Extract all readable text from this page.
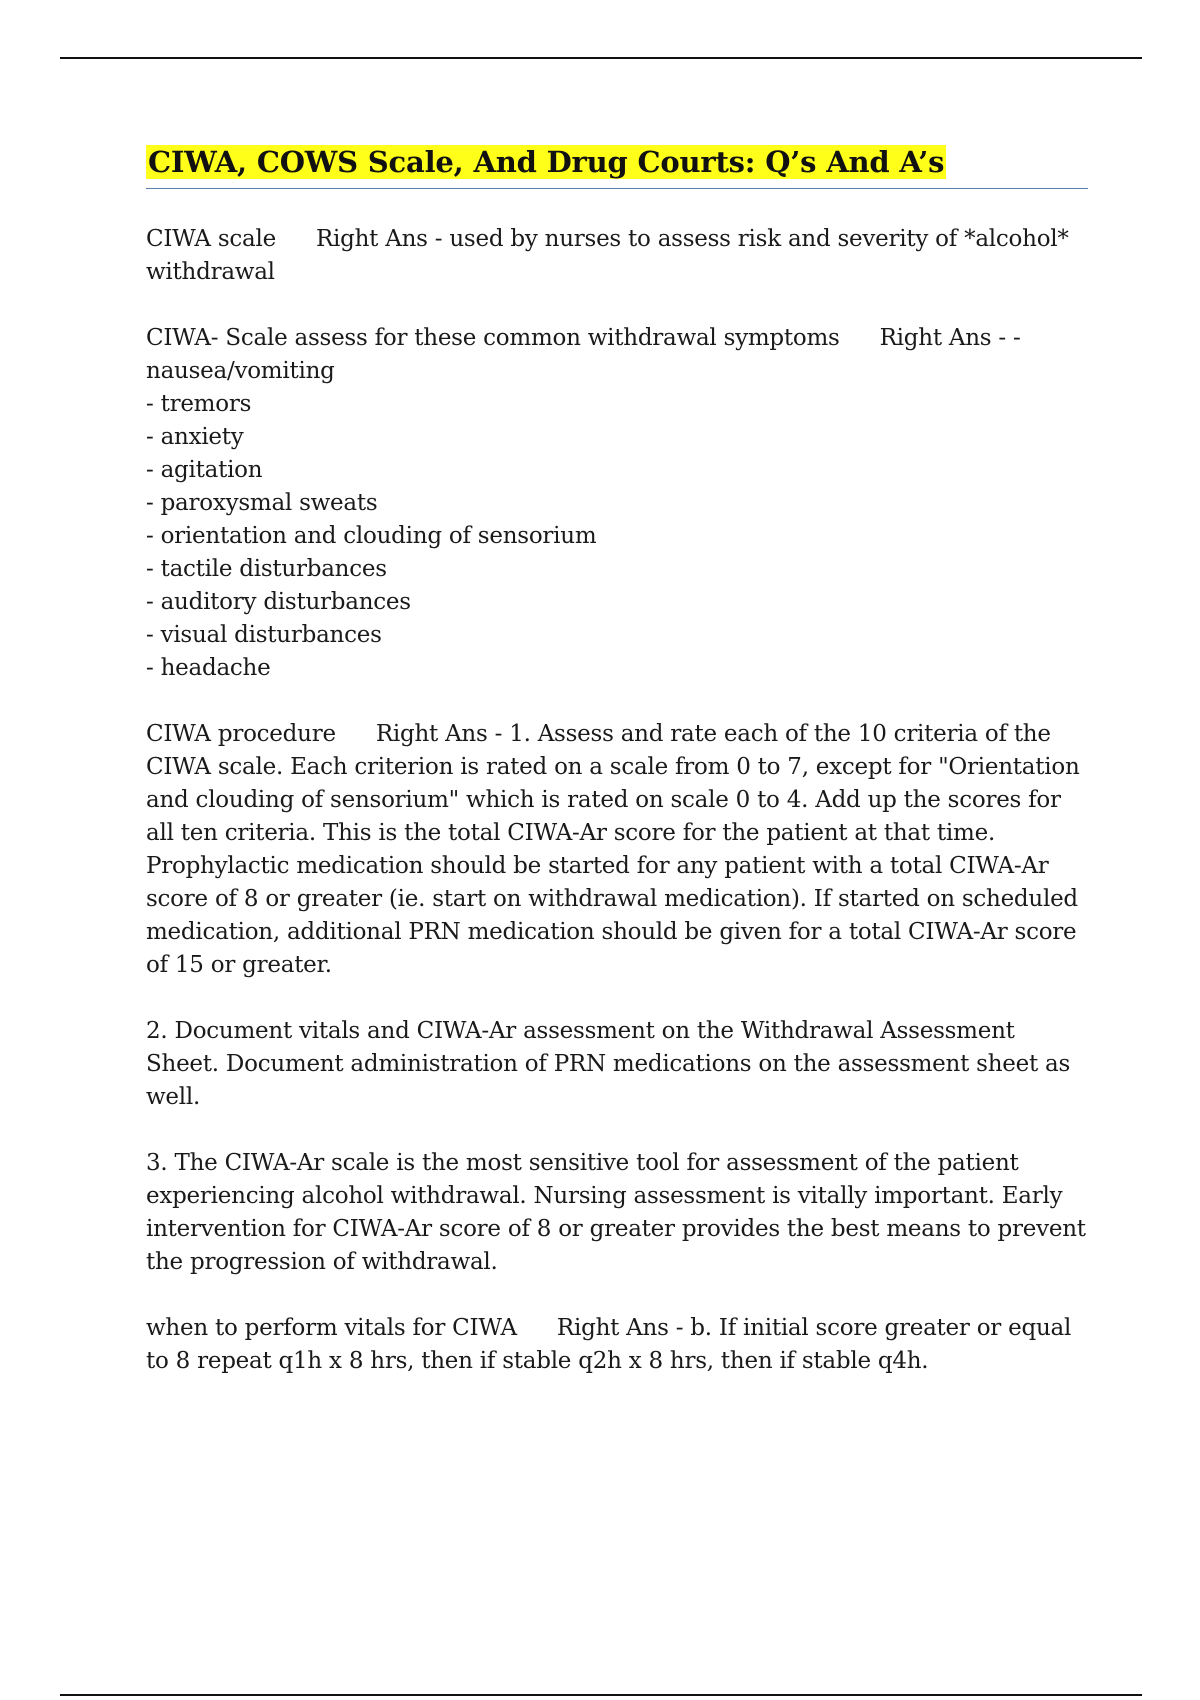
CIWA, COWS Scale, And Drug Courts: Q’s And A’s

CIWA scale Right Ans - used by nurses to assess risk and severity of *alcohol* withdrawal

CIWA- Scale assess for these common withdrawal symptoms Right Ans - -
nausea/vomiting
- tremors
- anxiety
- agitation
- paroxysmal sweats
- orientation and clouding of sensorium
- tactile disturbances
- auditory disturbances
- visual disturbances
- headache

CIWA procedure Right Ans - 1. Assess and rate each of the 10 criteria of the CIWA scale. Each criterion is rated on a scale from 0 to 7, except for "Orientation and clouding of sensorium" which is rated on scale 0 to 4. Add up the scores for all ten criteria. This is the total CIWA-Ar score for the patient at that time. Prophylactic medication should be started for any patient with a total CIWA-Ar score of 8 or greater (ie. start on withdrawal medication). If started on scheduled medication, additional PRN medication should be given for a total CIWA-Ar score of 15 or greater.

2. Document vitals and CIWA-Ar assessment on the Withdrawal Assessment Sheet. Document administration of PRN medications on the assessment sheet as well.

3. The CIWA-Ar scale is the most sensitive tool for assessment of the patient experiencing alcohol withdrawal. Nursing assessment is vitally important. Early intervention for CIWA-Ar score of 8 or greater provides the best means to prevent the progression of withdrawal.

when to perform vitals for CIWA Right Ans - b. If initial score greater or equal to 8 repeat q1h x 8 hrs, then if stable q2h x 8 hrs, then if stable q4h.
